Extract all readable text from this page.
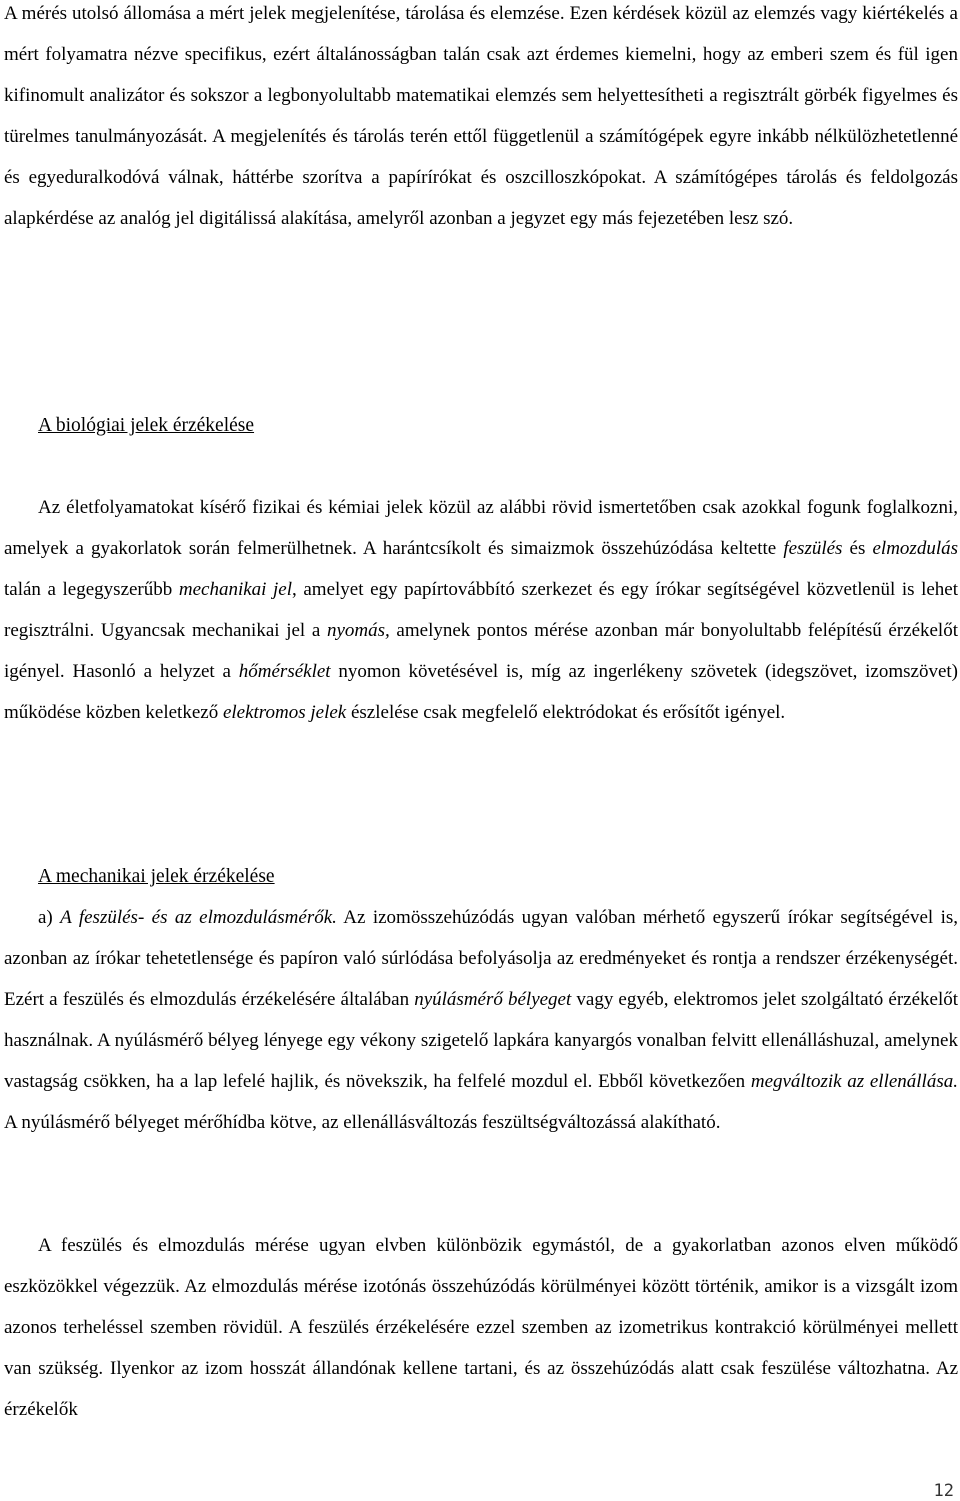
A mérés utolsó állomása a mért jelek megjelenítése, tárolása és elemzése. Ezen kérdések közül az elemzés vagy kiértékelés a mért folyamatra nézve specifikus, ezért általánosságban talán csak azt érdemes kiemelni, hogy az emberi szem és fül igen kifinomult analizátor és sokszor a legbonyolultabb matematikai elemzés sem helyettesítheti a regisztrált görbék figyelmes és türelmes tanulmányozását. A megjelenítés és tárolás terén ettől függetlenül a számítógépek egyre inkább nélkülözhetetlenné és egyeduralkodóvá válnak, háttérbe szorítva a papírírókat és oszcilloszkópokat. A számítógépes tárolás és feldolgozás alapkérdése az analóg jel digitálissá alakítása, amelyről azonban a jegyzet egy más fejezetében lesz szó.

A biológiai jelek érzékelése

Az életfolyamatokat kísérő fizikai és kémiai jelek közül az alábbi rövid ismertetőben csak azokkal fogunk foglalkozni, amelyek a gyakorlatok során felmerülhetnek. A harántcsíkolt és simaizmok összehúzódása keltette feszülés és elmozdulás talán a legegyszerűbb mechanikai jel, amelyet egy papírtovábbító szerkezet és egy írókar segítségével közvetlenül is lehet regisztrálni. Ugyancsak mechanikai jel a nyomás, amelynek pontos mérése azonban már bonyolultabb felépítésű érzékelőt igényel. Hasonló a helyzet a hőmérséklet nyomon követésével is, míg az ingerlékeny szövetek (idegszövet, izomszövet) működése közben keletkező elektromos jelek észlelése csak megfelelő elektródokat és erősítőt igényel.

A mechanikai jelek érzékelése

a) A feszülés- és az elmozdulásmérők. Az izomösszehúzódás ugyan valóban mérhető egyszerű írókar segítségével is, azonban az írókar tehetetlensége és papíron való súrlódása befolyásolja az eredményeket és rontja a rendszer érzékenységét. Ezért a feszülés és elmozdulás érzékelésére általában nyúlásmérő bélyeget vagy egyéb, elektromos jelet szolgáltató érzékelőt használnak. A nyúlásmérő bélyeg lényege egy vékony szigetelő lapkára kanyargós vonalban felvitt ellenálláshuzal, amelynek vastagság csökken, ha a lap lefelé hajlik, és növekszik, ha felfelé mozdul el. Ebből következően megváltozik az ellenállása. A nyúlásmérő bélyeget mérőhídba kötve, az ellenállásváltozás feszültségváltozássá alakítható.

A feszülés és elmozdulás mérése ugyan elvben különbözik egymástól, de a gyakorlatban azonos elven működő eszközökkel végezzük. Az elmozdulás mérése izotónás összehúzódás körülményei között történik, amikor is a vizsgált izom azonos terheléssel szemben rövidül. A feszülés érzékelésére ezzel szemben az izometrikus kontrakció körülményei mellett van szükség. Ilyenkor az izom hosszát állandónak kellene tartani, és az összehúzódás alatt csak feszülése változhatna. Az érzékelők

12
